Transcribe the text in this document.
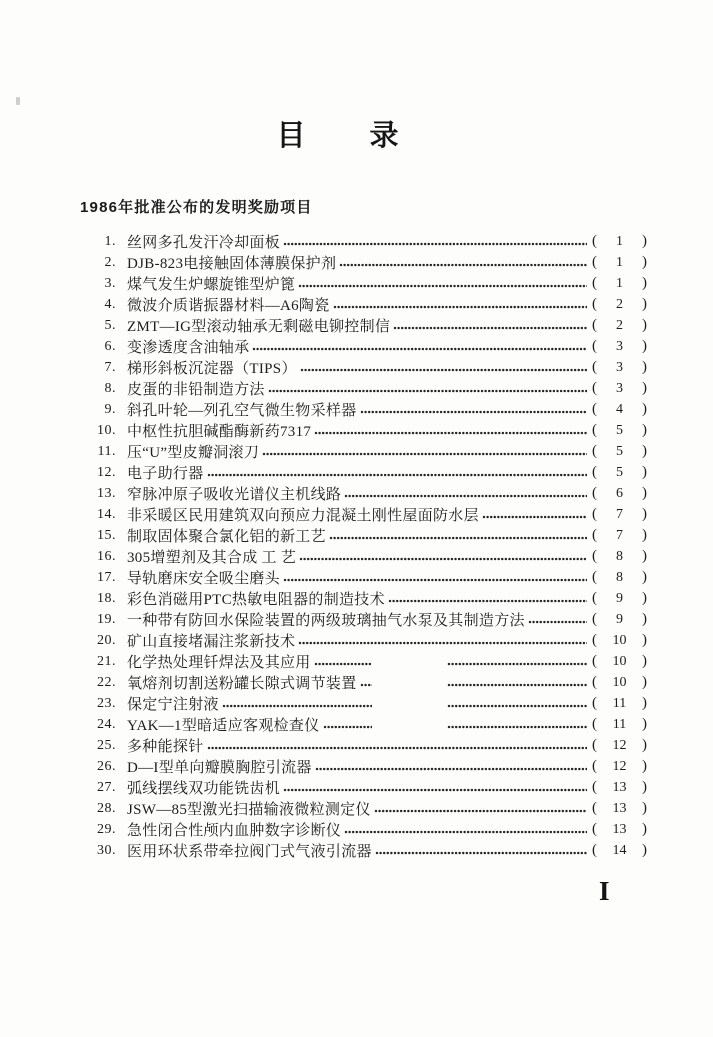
目　　录
1986年批准公布的发明奖励项目
1. 丝网多孔发汗冷却面板	(	1	)
2. DJB-823电接触固体薄膜保护剂	(	1	)
3. 煤气发生炉螺旋锥型炉篦	(	1	)
4. 微波介质谐振器材料—A6陶瓷	(	2	)
5. ZMT—IG型滚动轴承无剩磁电铆控制信	(	2	)
6. 变渗透度含油轴承	(	3	)
7. 梯形斜板沉淀器（TIPS）	(	3	)
8. 皮蛋的非铅制造方法	(	3	)
9. 斜孔叶轮—列孔空气微生物采样器	(	4	)
10. 中枢性抗胆碱酯酶新药7317	(	5	)
11. 压“U”型皮瓣洞滚刀	(	5	)
12. 电子助行器	(	5	)
13. 窄脉冲原子吸收光谱仪主机线路	(	6	)
14. 非采暖区民用建筑双向预应力混凝土刚性屋面防水层	(	7	)
15. 制取固体聚合氯化铝的新工艺	(	7	)
16. 305增塑剂及其合成 工 艺	(	8	)
17. 导轨磨床安全吸尘磨头	(	8	)
18. 彩色消磁用PTC热敏电阻器的制造技术	(	9	)
19. 一种带有防回水保险装置的两级玻璃抽气水泵及其制造方法	(	9	)
20. 矿山直接堵漏注浆新技术	(	10	)
21. 化学热处理钎焊法及其应用	(	10	)
22. 氧熔剂切割送粉罐长隙式调节装置	(	10	)
23. 保定宁注射液	(	11	)
24. YAK—1型暗适应客观检查仪	(	11	)
25. 多种能探针	(	12	)
26. D—I型单向瓣膜胸腔引流器	(	12	)
27. 弧线摆线双功能铣齿机	(	13	)
28. JSW—85型激光扫描输液微粒测定仪	(	13	)
29. 急性闭合性颅内血肿数字诊断仪	(	13	)
30. 医用环状系带牵拉阀门式气液引流器	(	14	)
I
